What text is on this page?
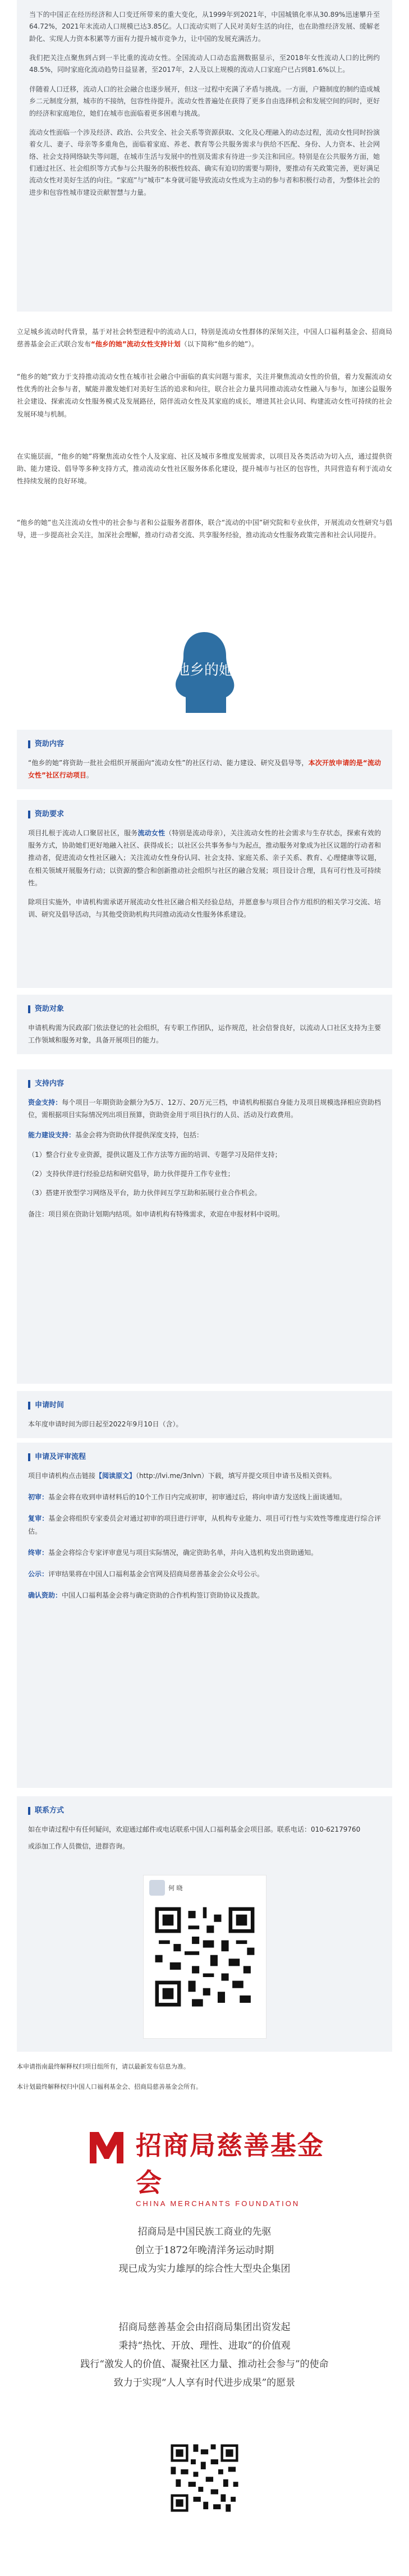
当下的中国正在经历经济和人口变迁所带来的重大变化，从1999年到2021年，中国城镇化率从30.89%迅速攀升至64.72%，2021年末流动人口规模已达3.85亿。人口流动实则了人民对美好生活的向往，也在助推经济发展、缓解老龄化、实现人力资本积累等方面有力提升城市竞争力，让中国的发展充满活力。

我们把关注点聚焦到占到一半比重的流动女性。全国流动人口动态监测数据显示，至2018年女性流动人口的比例约48.5%，同时家庭化流动趋势日益显著，至2017年，2人及以上规模的流动人口家庭户已占到81.6%以上。

伴随着人口迁移，流动人口的社会融合也逐步展开，但这一过程中充满了矛盾与挑战。一方面，户籍制度的制约造成城乡二元制度分割，城市的不接纳，包容性待提升。流动女性普遍处在获得了更多自由选择机会和发展空间的同时，更好的经济和家庭地位，她们在城市也面临着更多困难与挑战。

流动女性面临一个涉及经济、政治、公共安全、社会关系等资源获取、文化及心理融入的动态过程，流动女性同时扮演着女儿、妻子、母亲等多重角色，面临着家庭、养老、教育等公共服务需求与供给不匹配、身份、人力资本、社会网络、社会支持网络缺失等问题，在城市生活与发展中的性别及需求有待进一步关注和回应。特别是在公共服务方面，她们通过社区、社会组织等方式参与公共服务的积极性较高、确实有迫切的需要与期待，要推动有关政策完善，更好满足流动女性对美好生活的向往。“家庭”与“城市”本身就可能导致流动女性成为主动的参与者和积极行动者，为整体社会的进步和包容性城市建设贡献智慧与力量。

立足城乡流动时代背景，基于对社会转型进程中的流动人口，特别是流动女性群体的深刻关注，中国人口福利基金会、招商局慈善基金会正式联合发布“他乡的她”流动女性支持计划（以下简称“他乡的她”）。

“他乡的她”致力于支持推动流动女性在城市社会融合中面临的真实问题与需求，关注并聚焦流动女性的价值，着力发掘流动女性优秀的社会参与者，赋能并激发她们对美好生活的追求和向往，联合社会力量共同推动流动女性融入与参与，加速公益服务社会建设、探索流动女性服务模式及发展路径，陪伴流动女性及其家庭的成长，增进其社会认同、构建流动女性可持续的社会发展环境与机制。

在实施层面，“他乡的她”将聚焦流动女性个人及家庭、社区及城市多维度发展需求，以项目及各类活动为切入点，通过提供资助、能力建设、倡导等多种支持方式，推动流动女性社区服务体系化建设，提升城市与社区的包容性，共同营造有利于流动女性持续发展的良好环境。

“他乡的她”也关注流动女性中的社会参与者和公益服务者群体，联合“流动的中国”研究院和专业伙伴，开展流动女性研究与倡导，进一步提高社会关注，加深社会理解，推动行动者交流、共享服务经验，推动流动女性服务政策完善和社会认同提升。

他乡的她
资助内容

“他乡的她”将资助一批社会组织开展面向“流动女性”的社区行动、能力建设、研究及倡导等，本次开放申请的是“流动女性”社区行动项目。

资助要求

项目扎根于流动人口聚居社区，服务流动女性（特别是流动母亲），关注流动女性的社会需求与生存状态，探索有效的服务方式，协助她们更好地融入社区、获得成长；以社区公共事务参与为起点，推动服务对象成为社区议题的行动者和推动者，促进流动女性社区融入；关注流动女性身份认同、社会支持、家庭关系、亲子关系、教育、心理健康等议题，在相关领域开展服务行动；以资源的整合和创新推动社会组织与社区的融合发展；项目设计合理，具有可行性及可持续性。

除项目实施外，申请机构需承诺开展流动女性社区融合相关经验总结，并愿意参与项目合作方组织的相关学习交流、培训、研究及倡导活动，与其他受资助机构共同推动流动女性服务体系建设。

资助对象

申请机构需为民政部门依法登记的社会组织，有专职工作团队，运作规范，社会信誉良好，以流动人口社区支持为主要工作领域和服务对象，具备开展项目的能力。

支持内容

资金支持：每个项目一年期资助金额分为5万、12万、20万元三档，申请机构根据自身能力及项目规模选择相应资助档位，需根据项目实际情况列出项目预算，资助资金用于项目执行的人员、活动及行政费用。

能力建设支持：基金会将为资助伙伴提供深度支持，包括：

（1）整合行业专业资源，提供议题及工作方法等方面的培训、专题学习及陪伴支持；

（2）支持伙伴进行经验总结和研究倡导，助力伙伴提升工作专业性；

（3）搭建开放型学习网络及平台，助力伙伴间互学互助和拓展行业合作机会。

备注：项目须在资助计划期内结项。如申请机构有特殊需求，欢迎在申报材料中说明。

申请时间

本年度申请时间为即日起至2022年9月10日（含）。

申请及评审流程

项目申请机构点击链接【阅读原文】（http://lvi.me/3nlvn）下载，填写并提交项目申请书及相关资料。

初审：基金会将在收到申请材料后的10个工作日内完成初审，初审通过后，将向申请方发送线上面谈通知。

复审：基金会将组织专家委员会对通过初审的项目进行评审，从机构专业能力、项目可行性与实效性等维度进行综合评估。

终审：基金会将综合专家评审意见与项目实际情况，确定资助名单，并向入选机构发出资助通知。

公示：评审结果将在中国人口福利基金会官网及招商局慈善基金会公众号公示。

确认资助：中国人口福利基金会将与确定资助的合作机构签订资助协议及拨款。

联系方式

如在申请过程中有任何疑问，欢迎通过邮件或电话联系中国人口福利基金会项目部。联系电话：010-62179760

或添加工作人员微信，进群咨询。

何 晓

本申请指南最终解释权归项目组所有，请以最新发布信息为准。

本计划最终解释权归中国人口福利基金会、招商局慈善基金会所有。

招商局慈善基金会
CHINA MERCHANTS FOUNDATION
招商局是中国民族工商业的先驱
创立于1872年晚清洋务运动时期
现已成为实力雄厚的综合性大型央企集团
招商局慈善基金会由招商局集团出资发起
秉持“热忱、开放、理性、进取”的价值观
践行“激发人的价值、凝聚社区力量、推动社会参与”的使命
致力于实现“人人享有时代进步成果”的愿景
